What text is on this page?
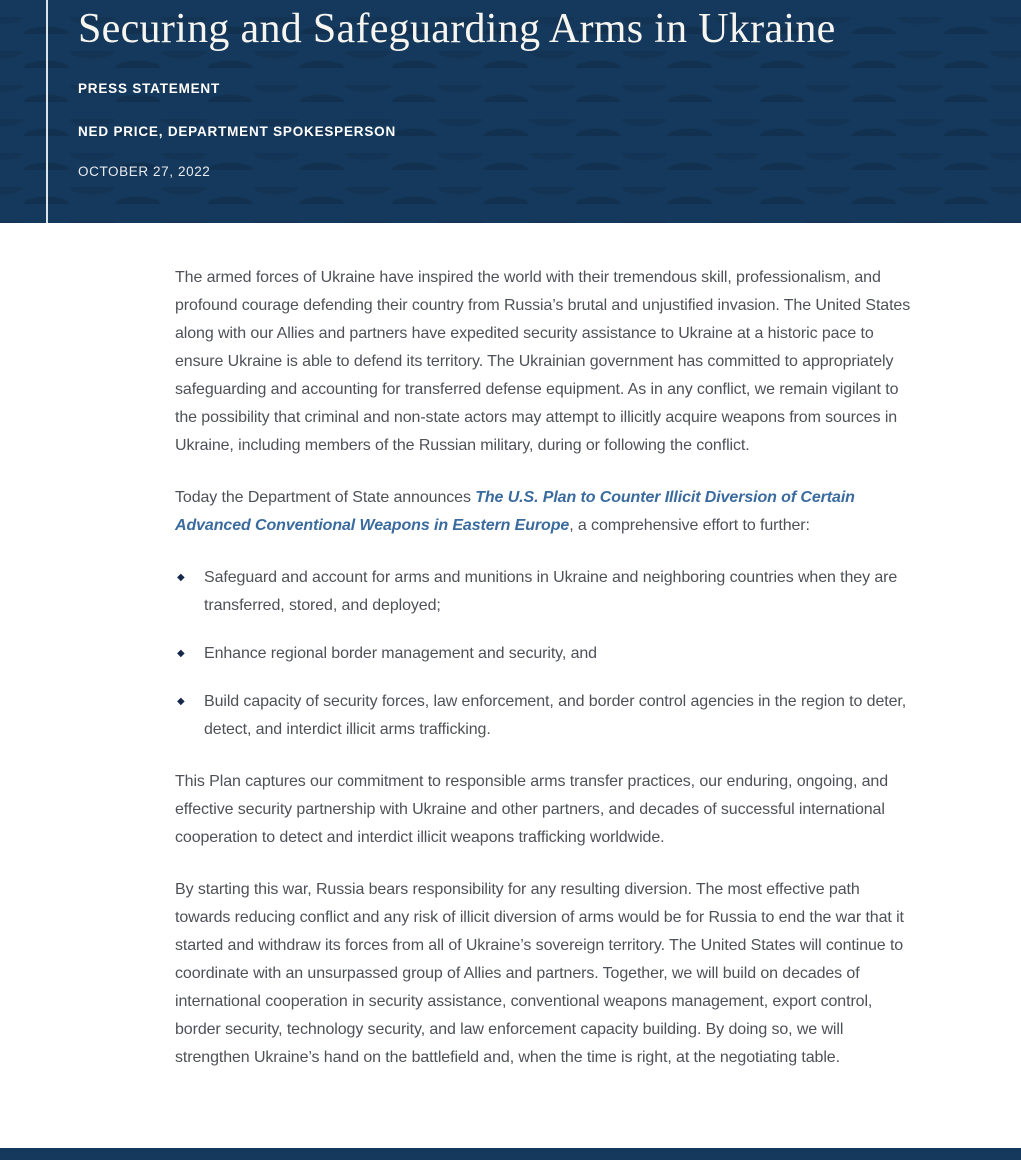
Securing and Safeguarding Arms in Ukraine
PRESS STATEMENT
NED PRICE, DEPARTMENT SPOKESPERSON
OCTOBER 27, 2022

The armed forces of Ukraine have inspired the world with their tremendous skill, professionalism, and profound courage defending their country from Russia’s brutal and unjustified invasion. The United States along with our Allies and partners have expedited security assistance to Ukraine at a historic pace to ensure Ukraine is able to defend its territory. The Ukrainian government has committed to appropriately safeguarding and accounting for transferred defense equipment. As in any conflict, we remain vigilant to the possibility that criminal and non-state actors may attempt to illicitly acquire weapons from sources in Ukraine, including members of the Russian military, during or following the conflict.

Today the Department of State announces The U.S. Plan to Counter Illicit Diversion of Certain Advanced Conventional Weapons in Eastern Europe, a comprehensive effort to further:

◆ Safeguard and account for arms and munitions in Ukraine and neighboring countries when they are transferred, stored, and deployed;
◆ Enhance regional border management and security, and
◆ Build capacity of security forces, law enforcement, and border control agencies in the region to deter, detect, and interdict illicit arms trafficking.

This Plan captures our commitment to responsible arms transfer practices, our enduring, ongoing, and effective security partnership with Ukraine and other partners, and decades of successful international cooperation to detect and interdict illicit weapons trafficking worldwide.

By starting this war, Russia bears responsibility for any resulting diversion. The most effective path towards reducing conflict and any risk of illicit diversion of arms would be for Russia to end the war that it started and withdraw its forces from all of Ukraine’s sovereign territory. The United States will continue to coordinate with an unsurpassed group of Allies and partners. Together, we will build on decades of international cooperation in security assistance, conventional weapons management, export control, border security, technology security, and law enforcement capacity building. By doing so, we will strengthen Ukraine’s hand on the battlefield and, when the time is right, at the negotiating table.
